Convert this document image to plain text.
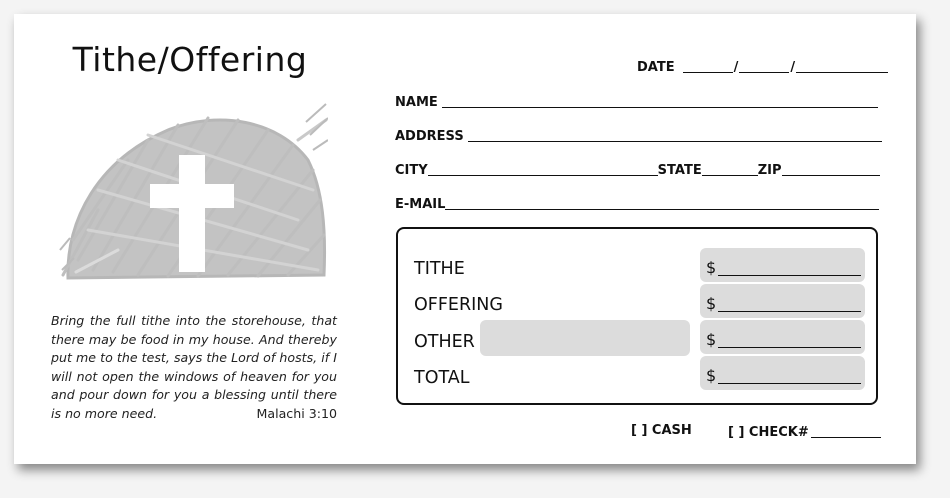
Tithe/Offering
Bring the full tithe into the storehouse, that there may be food in my house. And thereby put me to the test, says the Lord of hosts, if I will not open the windows of heaven for you and pour down for you a blessing until there is no more need.	Malachi 3:10
DATE	/	/
NAME
ADDRESS
CITY	STATE	ZIP
E-MAIL
TITHE	$
OFFERING	$
OTHER	$
TOTAL	$
[ ] CASH	[ ] CHECK#
